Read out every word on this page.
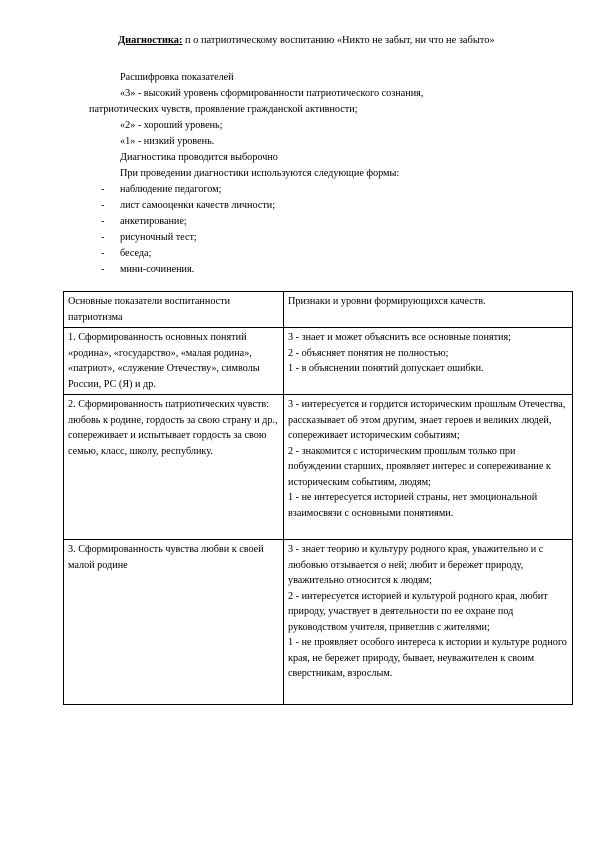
Диагностика: п о патриотическому воспитанию «Никто не забыт, ни что не забыто»
Расшифровка показателей
«3» - высокий уровень сформированности патриотического сознания,
патриотических чувств, проявление гражданской активности;
«2» - хороший уровень;
«1» - низкий уровень.
Диагностика проводится выборочно
При проведении диагностики используются следующие формы:
- наблюдение педагогом;
- лист самооценки качеств личности;
- анкетирование;
- рисуночный тест;
- беседа;
- мини-сочинения.
Основные показатели воспитанности патриотизма	Признаки и уровни формирующихся качеств.
1. Сформированность основных понятий «родина», «государство», «малая родина», «патриот», «служение Отечеству», символы России, РС (Я) и др.	3 - знает и может объяснить все основные понятия;
2 - объясняет понятия не полностью;
1 - в объяснении понятий допускает ошибки.

2. Сформированность патриотических чувств: любовь к родине, гордость за свою страну и др., сопереживает и испытывает гордость за свою семью, класс, школу, республику.	3 - интересуется и гордится историческим прошлым Отечества, рассказывает об этом другим, знает героев и великих людей, сопереживает историческим событиям;
2 - знакомится с историческим прошлым только при побуждении старших, проявляет интерес и сопереживание к историческим событиям, людям;
1 - не интересуется историей страны, нет эмоциональной взаимосвязи с основными понятиями.

3. Сформированность чувства любви к своей малой родине	3 - знает теорию и культуру родного края, уважительно и с любовью отзывается о ней; любит и бережет природу, уважительно относится к людям;
2 - интересуется историей и культурой родного края, любит природу, участвует в деятельности по ее охране под руководством учителя, приветлив с жителями;
1 - не проявляет особого интереса к истории и культуре родного края, не бережет природу, бывает, неуважителен к своим сверстникам, взрослым.
